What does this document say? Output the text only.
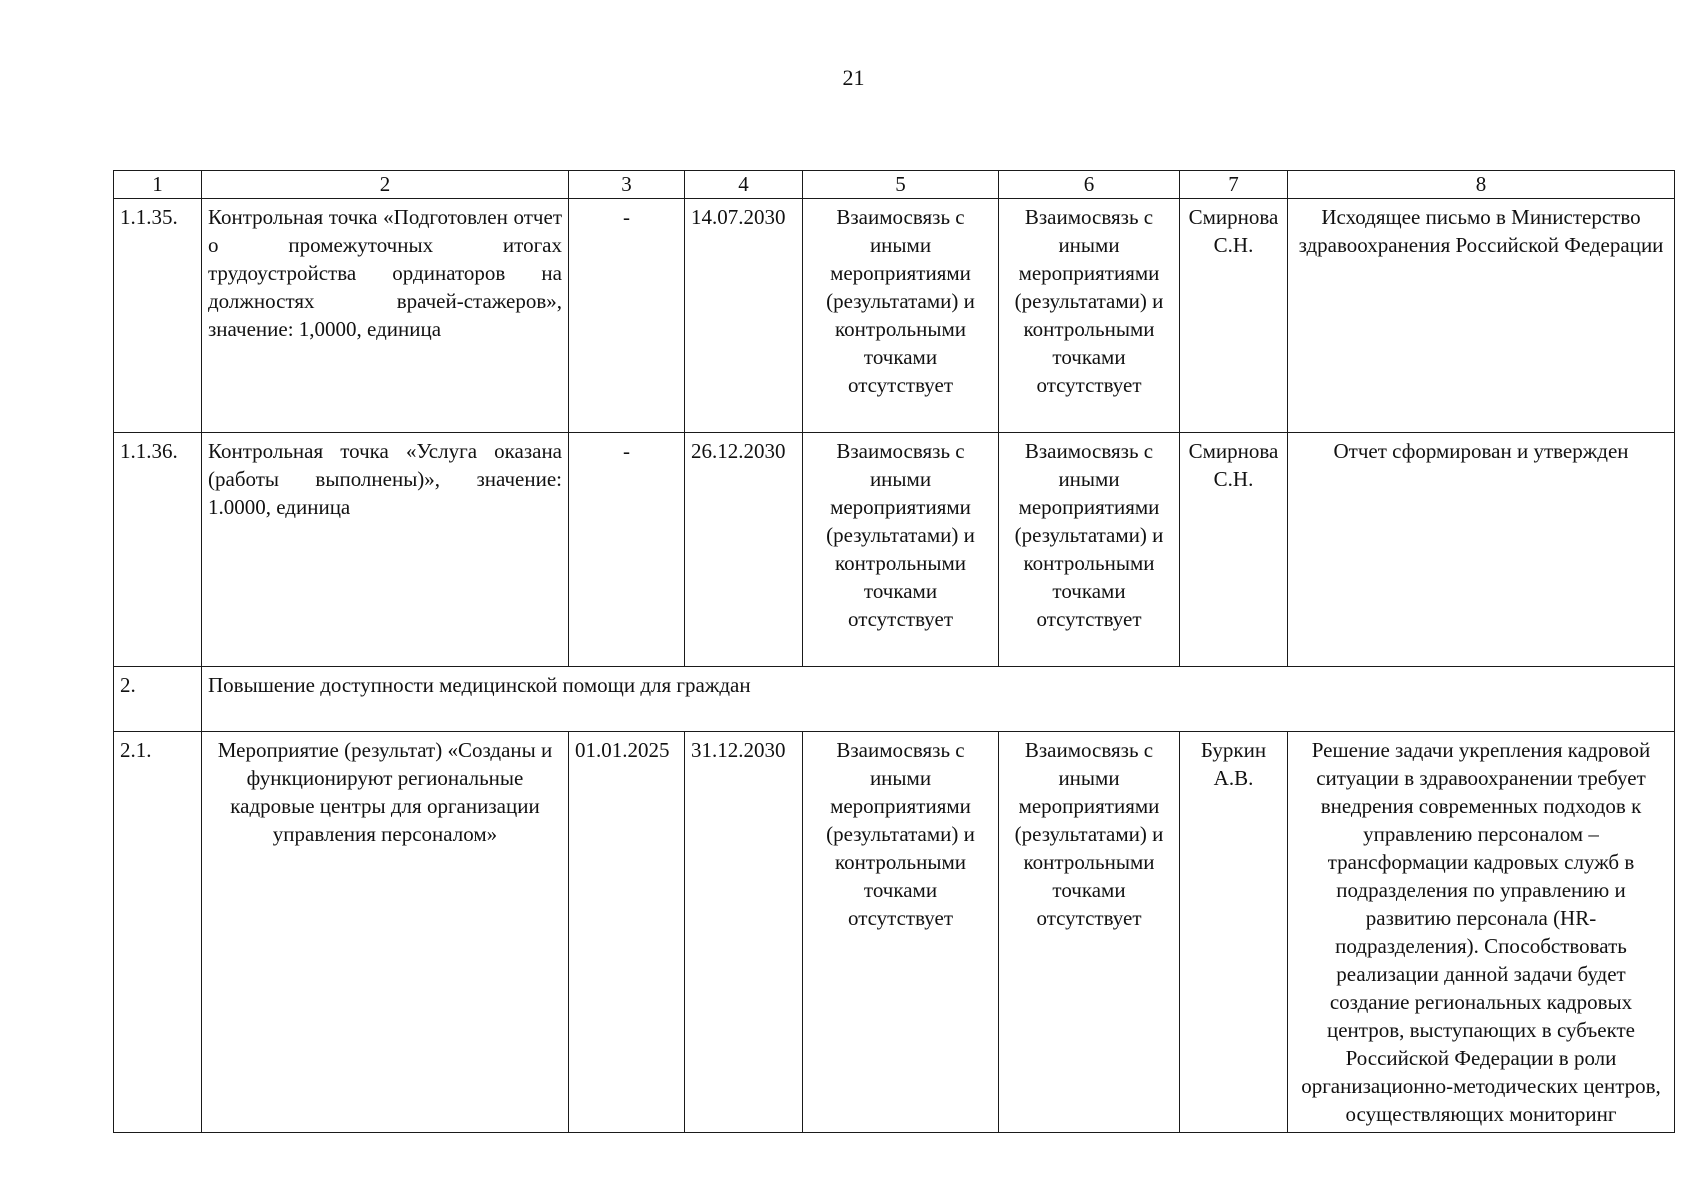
21
1	2	3	4	5	6	7	8
1.1.35.	Контрольная точка «Подготовлен отчет о промежуточных итогах трудоустройства ординаторов на должностях врачей-стажеров», значение: 1,0000, единица	-	14.07.2030	Взаимосвязь с иными мероприятиями (результатами) и контрольными точками отсутствует	Взаимосвязь с иными мероприятиями (результатами) и контрольными точками отсутствует	Смирнова С.Н.	Исходящее письмо в Министерство здравоохранения Российской Федерации
1.1.36.	Контрольная точка «Услуга оказана (работы выполнены)», значение: 1.0000, единица	-	26.12.2030	Взаимосвязь с иными мероприятиями (результатами) и контрольными точками отсутствует	Взаимосвязь с иными мероприятиями (результатами) и контрольными точками отсутствует	Смирнова С.Н.	Отчет сформирован и утвержден
2.	Повышение доступности медицинской помощи для граждан						
2.1.	Мероприятие (результат) «Созданы и функционируют региональные кадровые центры для организации управления персоналом»	01.01.2025	31.12.2030	Взаимосвязь с иными мероприятиями (результатами) и контрольными точками отсутствует	Взаимосвязь с иными мероприятиями (результатами) и контрольными точками отсутствует	Буркин А.В.	Решение задачи укрепления кадровой ситуации в здравоохранении требует внедрения современных подходов к управлению персоналом – трансформации кадровых служб в подразделения по управлению и развитию персонала (HR-подразделения). Способствовать реализации данной задачи будет создание региональных кадровых центров, выступающих в субъекте Российской Федерации в роли организационно-методических центров, осуществляющих мониторинг
